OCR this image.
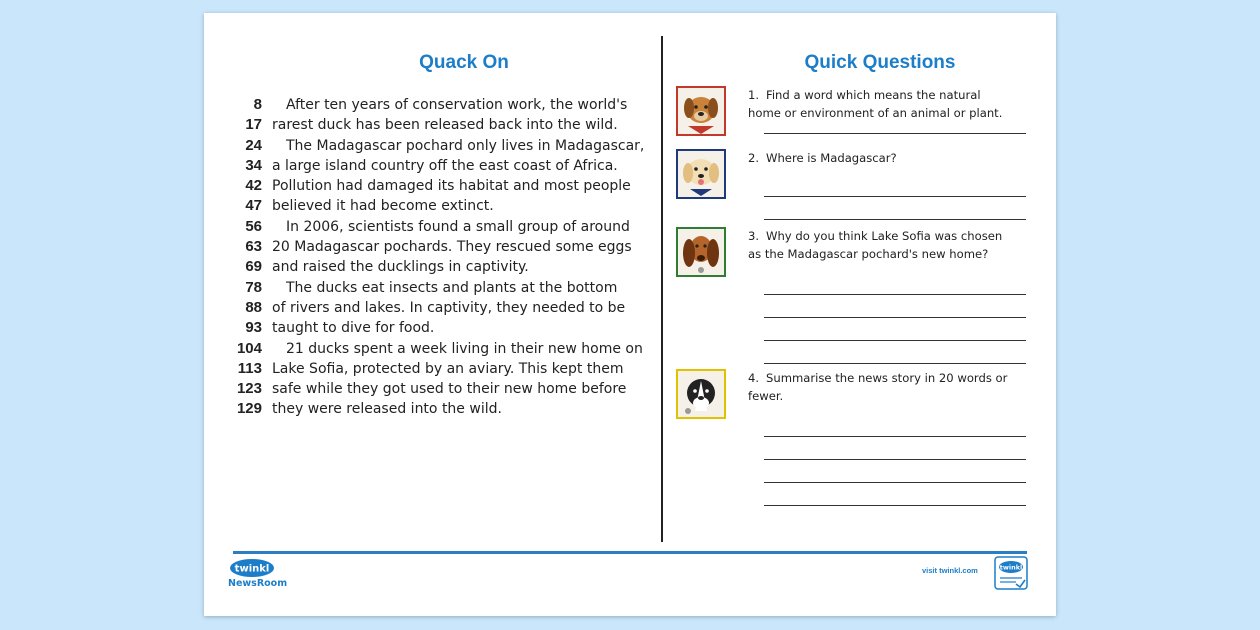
Quack On	Quick Questions
8	After ten years of conservation work, the world's
17 rarest duck has been released back into the wild.
24	The Madagascar pochard only lives in Madagascar,
34 a large island country off the east coast of Africa.
42 Pollution had damaged its habitat and most people
47 believed it had become extinct.
56	In 2006, scientists found a small group of around
63 20 Madagascar pochards. They rescued some eggs
69 and raised the ducklings in captivity.
78	The ducks eat insects and plants at the bottom
88 of rivers and lakes. In captivity, they needed to be
93 taught to dive for food.
104	21 ducks spent a week living in their new home on
113 Lake Sofia, protected by an aviary. This kept them
123 safe while they got used to their new home before
129 they were released into the wild.
1. Find a word which means the natural home or environment of an animal or plant.
2. Where is Madagascar?
3. Why do you think Lake Sofia was chosen as the Madagascar pochard's new home?
4. Summarise the news story in 20 words or fewer.
twinkl
NewsRoom
visit twinkl.com	twinkl
